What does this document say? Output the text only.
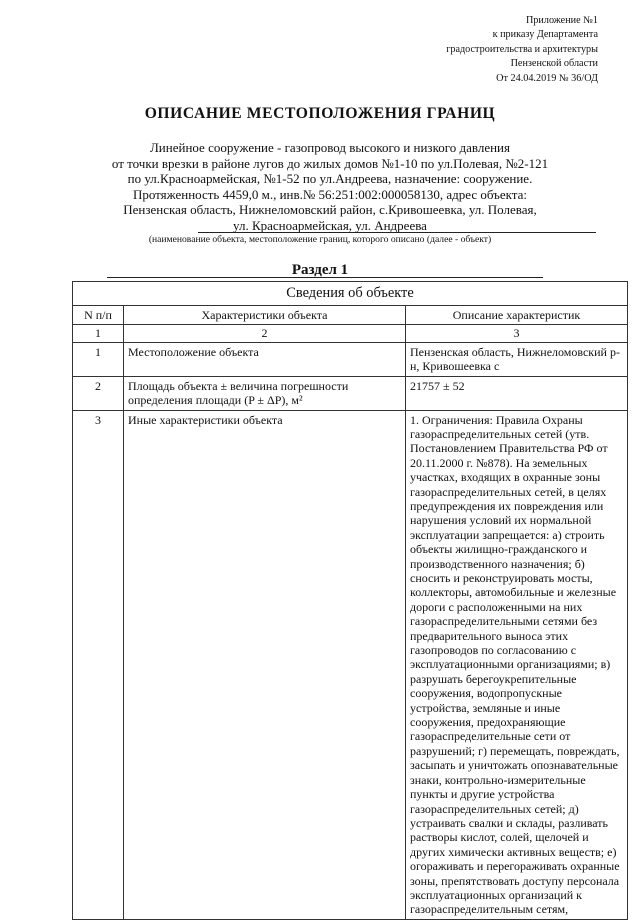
Приложение №1
к приказу Департамента
градостроительства и архитектуры
Пензенской области
От 24.04.2019 № 36/ОД
ОПИСАНИЕ МЕСТОПОЛОЖЕНИЯ ГРАНИЦ
Линейное сооружение - газопровод высокого и низкого давления
от точки врезки в районе лугов до жилых домов №1-10 по ул.Полевая, №2-121
по ул.Красноармейская, №1-52 по ул.Андреева, назначение: сооружение.
Протяженность 4459,0 м., инв.№ 56:251:002:000058130, адрес объекта:
Пензенская область, Нижнеломовский район, с.Кривошеевка, ул. Полевая,
ул. Красноармейская, ул. Андреева
(наименование объекта, местоположение границ, которого описано (далее - объект)
Раздел 1
Сведения об объекте		
N п/п	Характеристики объекта	Описание характеристик
1	2	3
1	Местоположение объекта	Пензенская область, Нижнеломовский р-н, Кривошеевка с
2	Площадь объекта ± величина погрешности определения площади (P ± ΔP), м²	21757 ± 52
3	Иные характеристики объекта	1. Ограничения: Правила Охраны газораспределительных сетей (утв. Постановлением Правительства РФ от 20.11.2000 г. №878). На земельных участках, входящих в охранные зоны газораспределительных сетей, в целях предупреждения их повреждения или нарушения условий их нормальной эксплуатации запрещается: а) строить объекты жилищно-гражданского и производственного назначения; б) сносить и реконструировать мосты, коллекторы, автомобильные и железные дороги с расположенными на них газораспределительными сетями без предварительного выноса этих газопроводов по согласованию с эксплуатационными организациями; в) разрушать берегоукрепительные сооружения, водопропускные устройства, земляные и иные сооружения, предохраняющие газораспределительные сети от разрушений; г) перемещать, повреждать, засыпать и уничтожать опознавательные знаки, контрольно-измерительные пункты и другие устройства газораспределительных сетей; д) устраивать свалки и склады, разливать растворы кислот, солей, щелочей и других химически активных веществ; е) огораживать и перегораживать охранные зоны, препятствовать доступу персонала эксплуатационных организаций к газораспределительным сетям,
